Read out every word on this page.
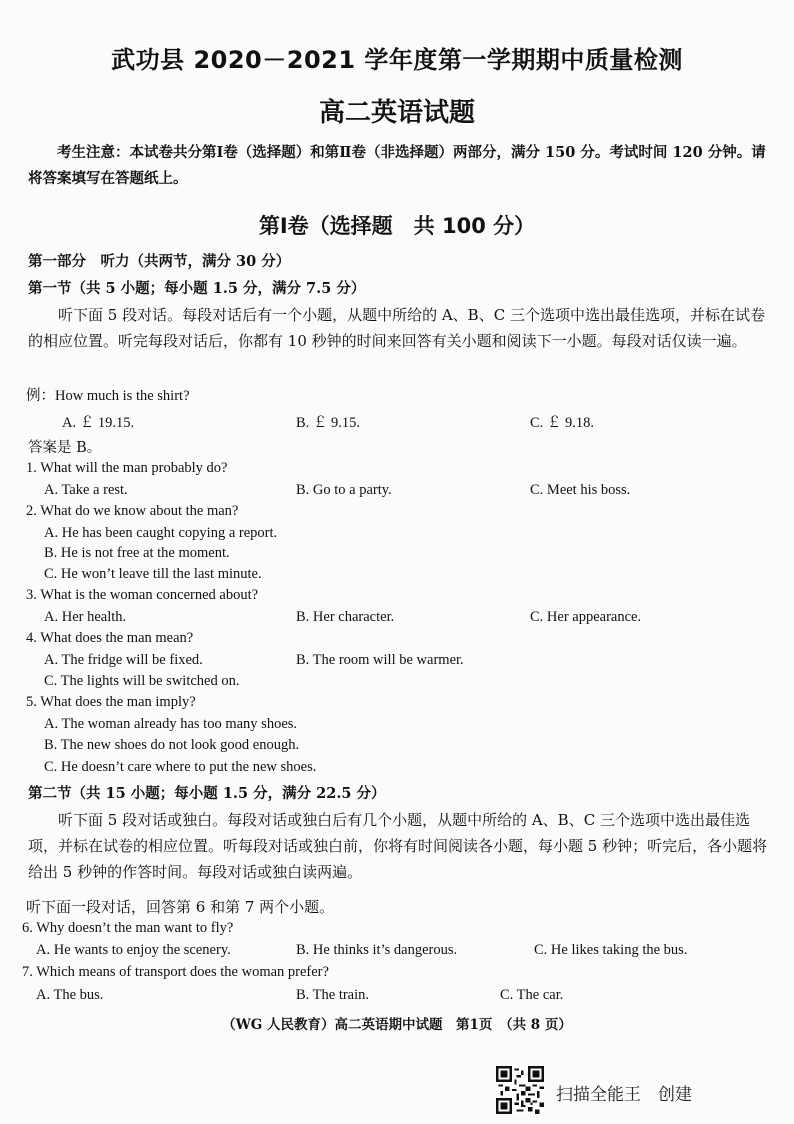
武功县 2020－2021 学年度第一学期期中质量检测
高二英语试题
考生注意：本试卷共分第Ⅰ卷（选择题）和第Ⅱ卷（非选择题）两部分，满分 150 分。考试时间 120 分钟。请将答案填写在答题纸上。
第Ⅰ卷（选择题　共 100 分）
第一部分　听力（共两节，满分 30 分）
第一节（共 5 小题；每小题 1.5 分，满分 7.5 分）
听下面 5 段对话。每段对话后有一个小题，从题中所给的 A、B、C 三个选项中选出最佳选项，并标在试卷的相应位置。听完每段对话后，你都有 10 秒钟的时间来回答有关小题和阅读下一小题。每段对话仅读一遍。
例：How much is the shirt?
A. ￡ 19.15.	B. ￡ 9.15.	C. ￡ 9.18.
答案是 B。
1. What will the man probably do?
A. Take a rest.	B. Go to a party.	C. Meet his boss.
2. What do we know about the man?
A. He has been caught copying a report.
B. He is not free at the moment.
C. He won’t leave till the last minute.
3. What is the woman concerned about?
A. Her health.	B. Her character.	C. Her appearance.
4. What does the man mean?
A. The fridge will be fixed.	B. The room will be warmer.
C. The lights will be switched on.
5. What does the man imply?
A. The woman already has too many shoes.
B. The new shoes do not look good enough.
C. He doesn’t care where to put the new shoes.
第二节（共 15 小题；每小题 1.5 分，满分 22.5 分）
听下面 5 段对话或独白。每段对话或独白后有几个小题，从题中所给的 A、B、C 三个选项中选出最佳选项，并标在试卷的相应位置。听每段对话或独白前，你将有时间阅读各小题，每小题 5 秒钟；听完后，各小题将给出 5 秒钟的作答时间。每段对话或独白读两遍。
听下面一段对话，回答第 6 和第 7 两个小题。
6. Why doesn’t the man want to fly?
A. He wants to enjoy the scenery.	B. He thinks it’s dangerous.	C. He likes taking the bus.
7. Which means of transport does the woman prefer?
A. The bus.	B. The train.	C. The car.
（WG 人民教育）高二英语期中试题　第1页　（共 8 页）
扫描全能王　创建
